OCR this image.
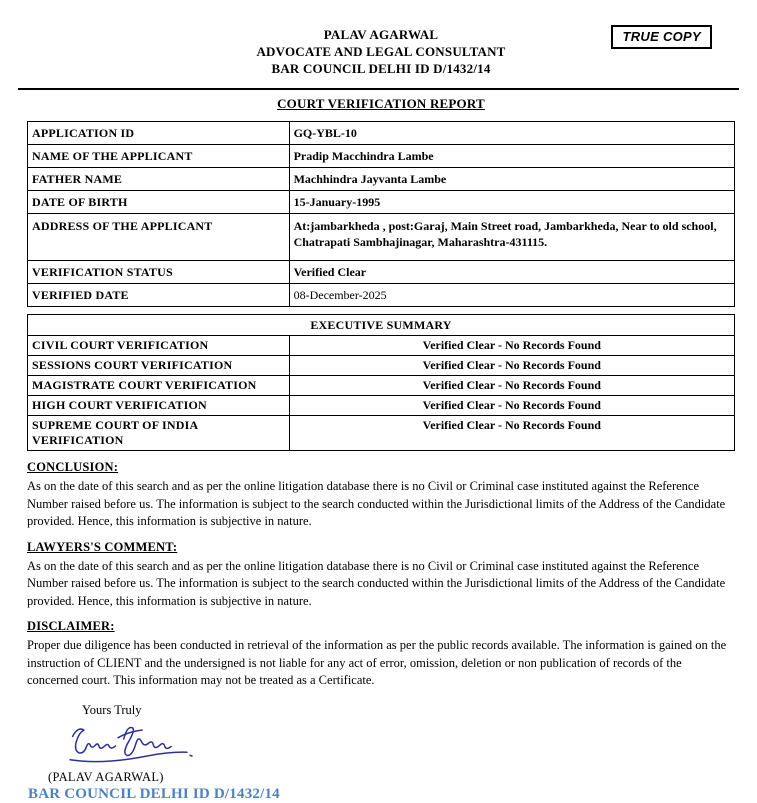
PALAV AGARWAL
ADVOCATE AND LEGAL CONSULTANT
BAR COUNCIL DELHI ID D/1432/14
TRUE COPY
COURT VERIFICATION REPORT
APPLICATION ID	GQ-YBL-10
NAME OF THE APPLICANT	Pradip Macchindra Lambe
FATHER NAME	Machhindra Jayvanta Lambe
DATE OF BIRTH	15-January-1995
ADDRESS OF THE APPLICANT	At:jambarkheda , post:Garaj, Main Street road, Jambarkheda, Near to old school, Chatrapati Sambhajinagar, Maharashtra-431115.
VERIFICATION STATUS	Verified Clear
VERIFIED DATE	08-December-2025
EXECUTIVE SUMMARY	
CIVIL COURT VERIFICATION	Verified Clear - No Records Found
SESSIONS COURT VERIFICATION	Verified Clear - No Records Found
MAGISTRATE COURT VERIFICATION	Verified Clear - No Records Found
HIGH COURT VERIFICATION	Verified Clear - No Records Found
SUPREME COURT OF INDIA VERIFICATION	Verified Clear - No Records Found
CONCLUSION:
As on the date of this search and as per the online litigation database there is no Civil or Criminal case instituted against the Reference Number raised before us. The information is subject to the search conducted within the Jurisdictional limits of the Address of the Candidate provided. Hence, this information is subjective in nature.
LAWYERS'S COMMENT:
As on the date of this search and as per the online litigation database there is no Civil or Criminal case instituted against the Reference Number raised before us. The information is subject to the search conducted within the Jurisdictional limits of the Address of the Candidate provided. Hence, this information is subjective in nature.
DISCLAIMER:
Proper due diligence has been conducted in retrieval of the information as per the public records available. The information is gained on the instruction of CLIENT and the undersigned is not liable for any act of error, omission, deletion or non publication of records of the concerned court. This information may not be treated as a Certificate.
Yours Truly
(PALAV AGARWAL)
BAR COUNCIL DELHI ID D/1432/14
